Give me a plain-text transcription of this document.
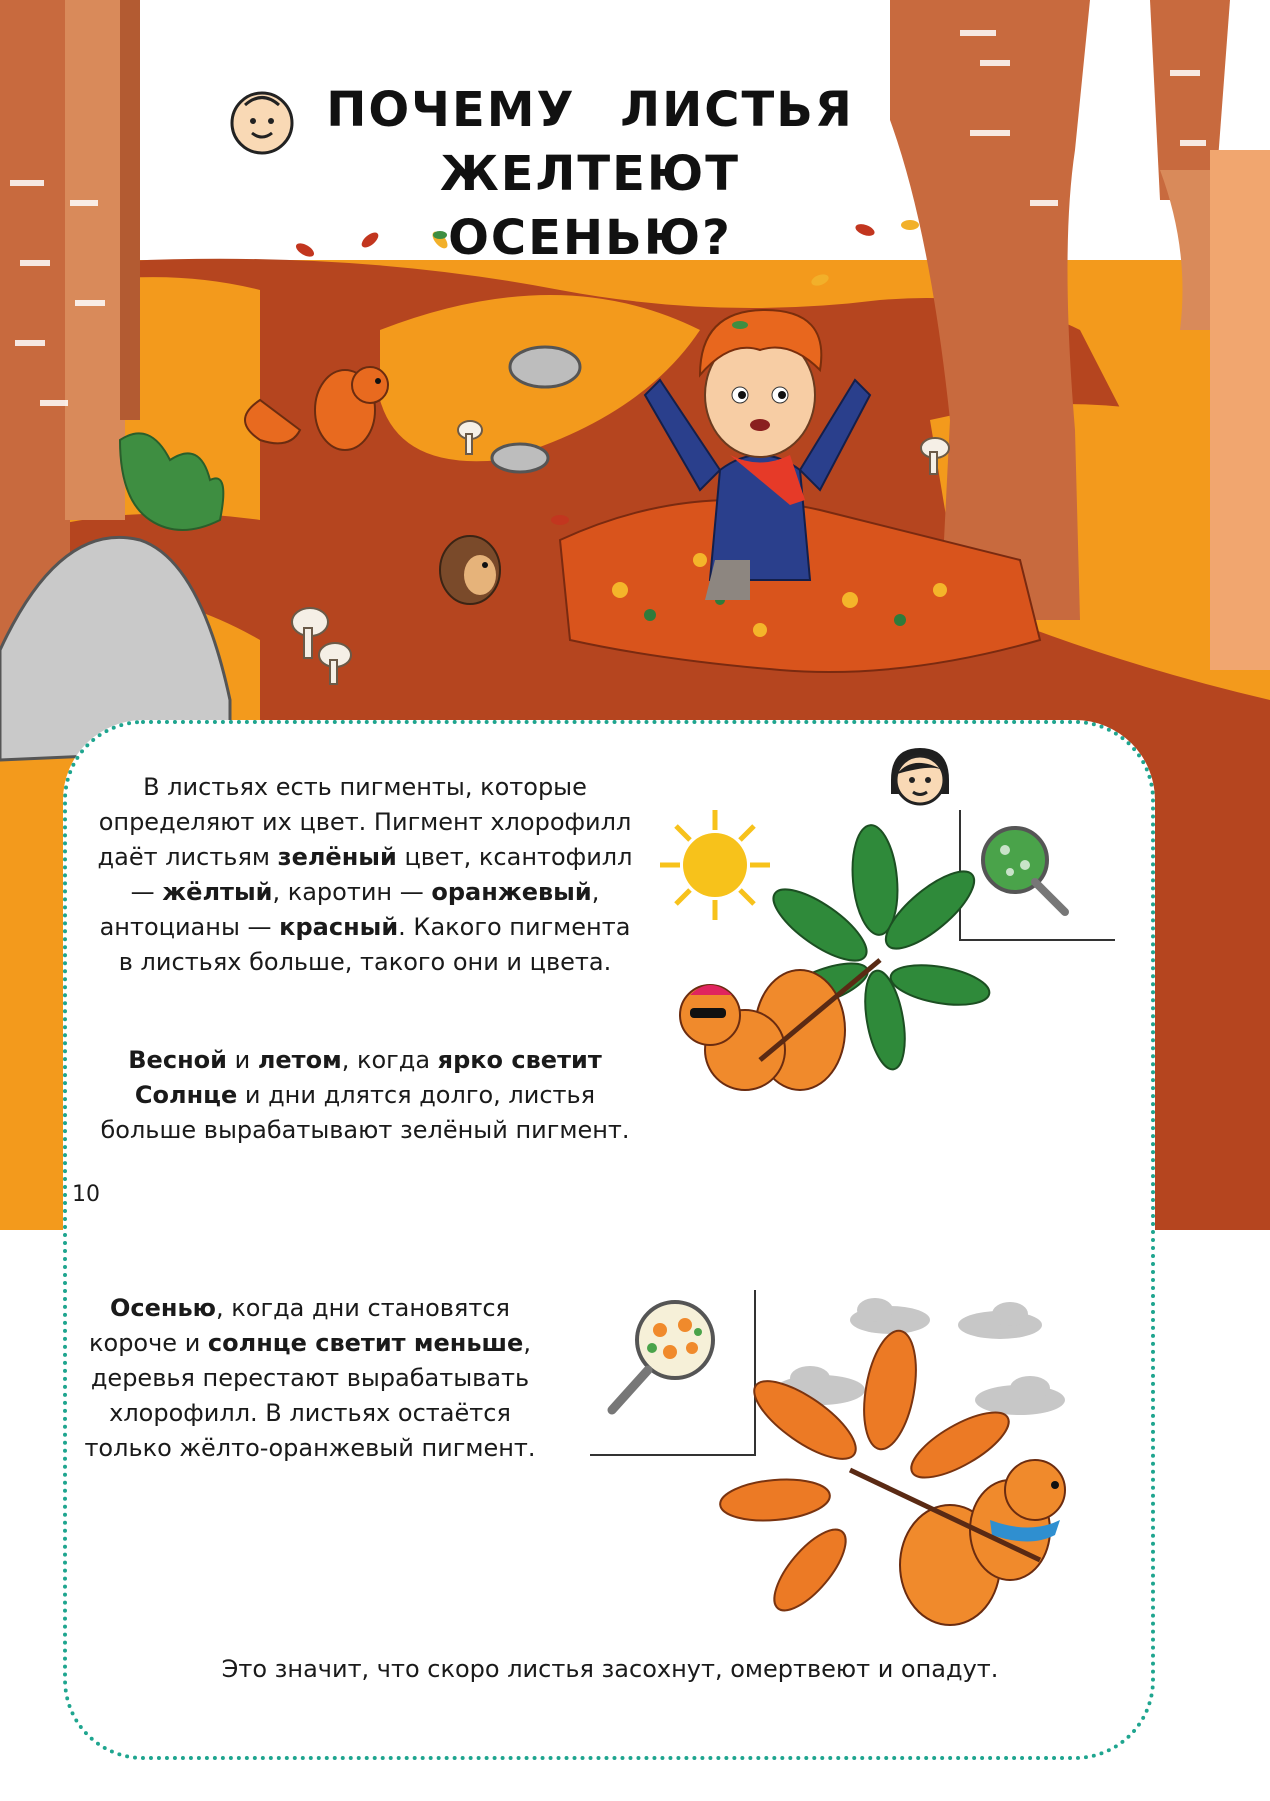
ПОЧЕМУ ЛИСТЬЯ
ЖЕЛТЕЮТ ОСЕНЬЮ?

В листьях есть пигменты, которые определяют их цвет. Пигмент хлорофилл даёт листьям зелёный цвет, ксантофилл — жёлтый, каротин — оранжевый, антоцианы — красный. Какого пигмента в листьях больше, такого они и цвета.

Весной и летом, когда ярко светит Солнце и дни длятся долго, листья больше вырабатывают зелёный пигмент.

10

Осенью, когда дни становятся короче и солнце светит меньше, деревья перестают вырабатывать хлорофилл. В листьях остаётся только жёлто-оранжевый пигмент.

Это значит, что скоро листья засохнут, омертвеют и опадут.
